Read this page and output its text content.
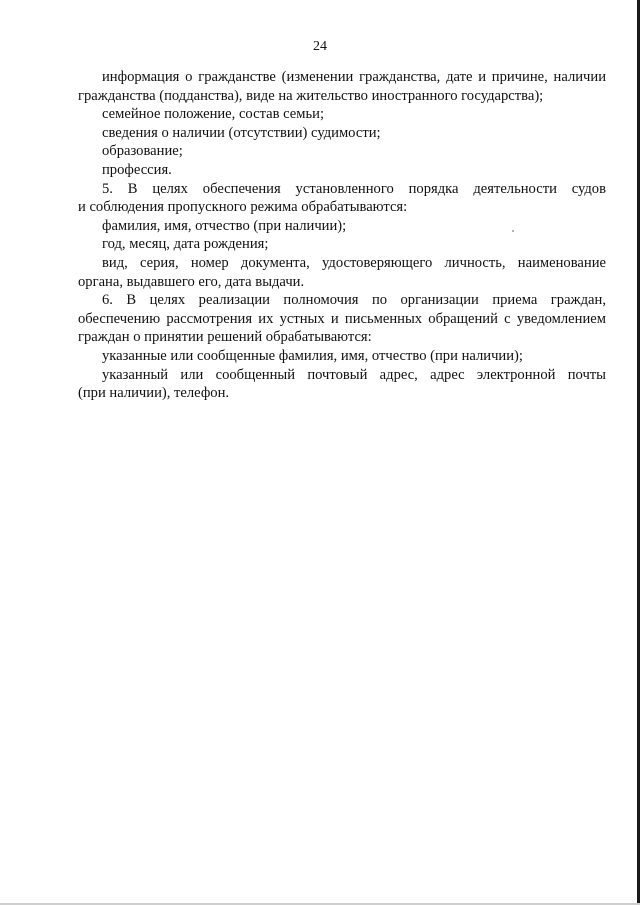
24

информация о гражданстве (изменении гражданства, дате и причине, наличии
гражданства (подданства), виде на жительство иностранного государства);

семейное положение, состав семьи;

сведения о наличии (отсутствии) судимости;

образование;

профессия.

5. В целях обеспечения установленного порядка деятельности судов
и соблюдения пропускного режима обрабатываются:

фамилия, имя, отчество (при наличии);

год, месяц, дата рождения;

вид, серия, номер документа, удостоверяющего личность, наименование
органа, выдавшего его, дата выдачи.

6. В целях реализации полномочия по организации приема граждан,
обеспечению рассмотрения их устных и письменных обращений с уведомлением
граждан о принятии решений обрабатываются:

указанные или сообщенные фамилия, имя, отчество (при наличии);

указанный или сообщенный почтовый адрес, адрес электронной почты
(при наличии), телефон.
